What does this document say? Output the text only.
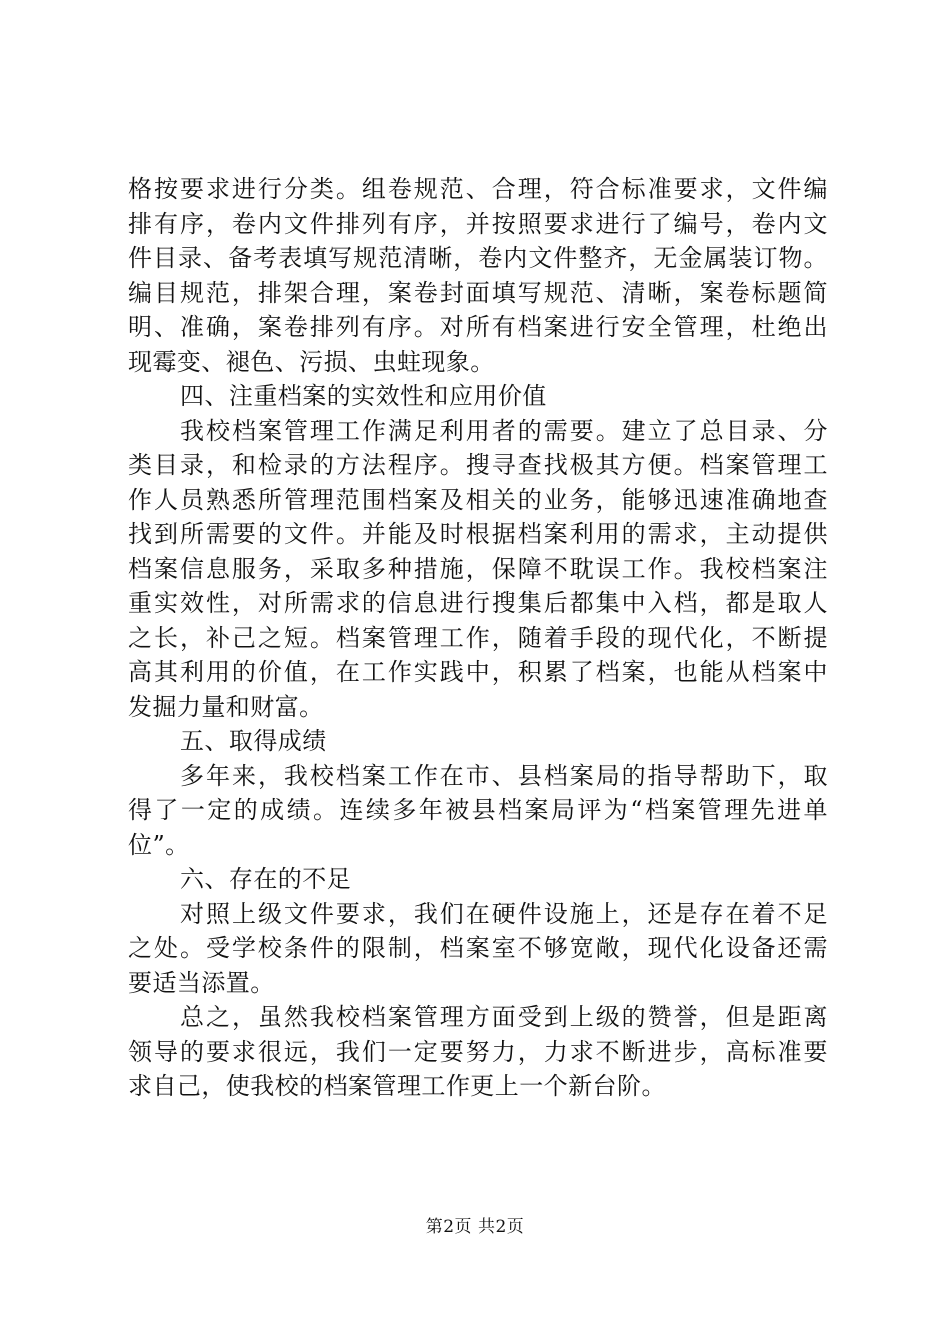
格按要求进行分类。组卷规范、合理，符合标准要求，文件编
排有序，卷内文件排列有序，并按照要求进行了编号，卷内文
件目录、备考表填写规范清晰，卷内文件整齐，无金属装订物。
编目规范，排架合理，案卷封面填写规范、清晰，案卷标题简
明、准确，案卷排列有序。对所有档案进行安全管理，杜绝出
现霉变、褪色、污损、虫蛀现象。
四、注重档案的实效性和应用价值
我校档案管理工作满足利用者的需要。建立了总目录、分
类目录，和检录的方法程序。搜寻查找极其方便。档案管理工
作人员熟悉所管理范围档案及相关的业务，能够迅速准确地查
找到所需要的文件。并能及时根据档案利用的需求，主动提供
档案信息服务，采取多种措施，保障不耽误工作。我校档案注
重实效性，对所需求的信息进行搜集后都集中入档，都是取人
之长，补己之短。档案管理工作，随着手段的现代化，不断提
高其利用的价值，在工作实践中，积累了档案，也能从档案中
发掘力量和财富。
五、取得成绩
多年来，我校档案工作在市、县档案局的指导帮助下，取
得了一定的成绩。连续多年被县档案局评为“档案管理先进单
位”。
六、存在的不足
对照上级文件要求，我们在硬件设施上，还是存在着不足
之处。受学校条件的限制，档案室不够宽敞，现代化设备还需
要适当添置。
总之，虽然我校档案管理方面受到上级的赞誉，但是距离
领导的要求很远，我们一定要努力，力求不断进步，高标准要
求自己，使我校的档案管理工作更上一个新台阶。
第2页 共2页
